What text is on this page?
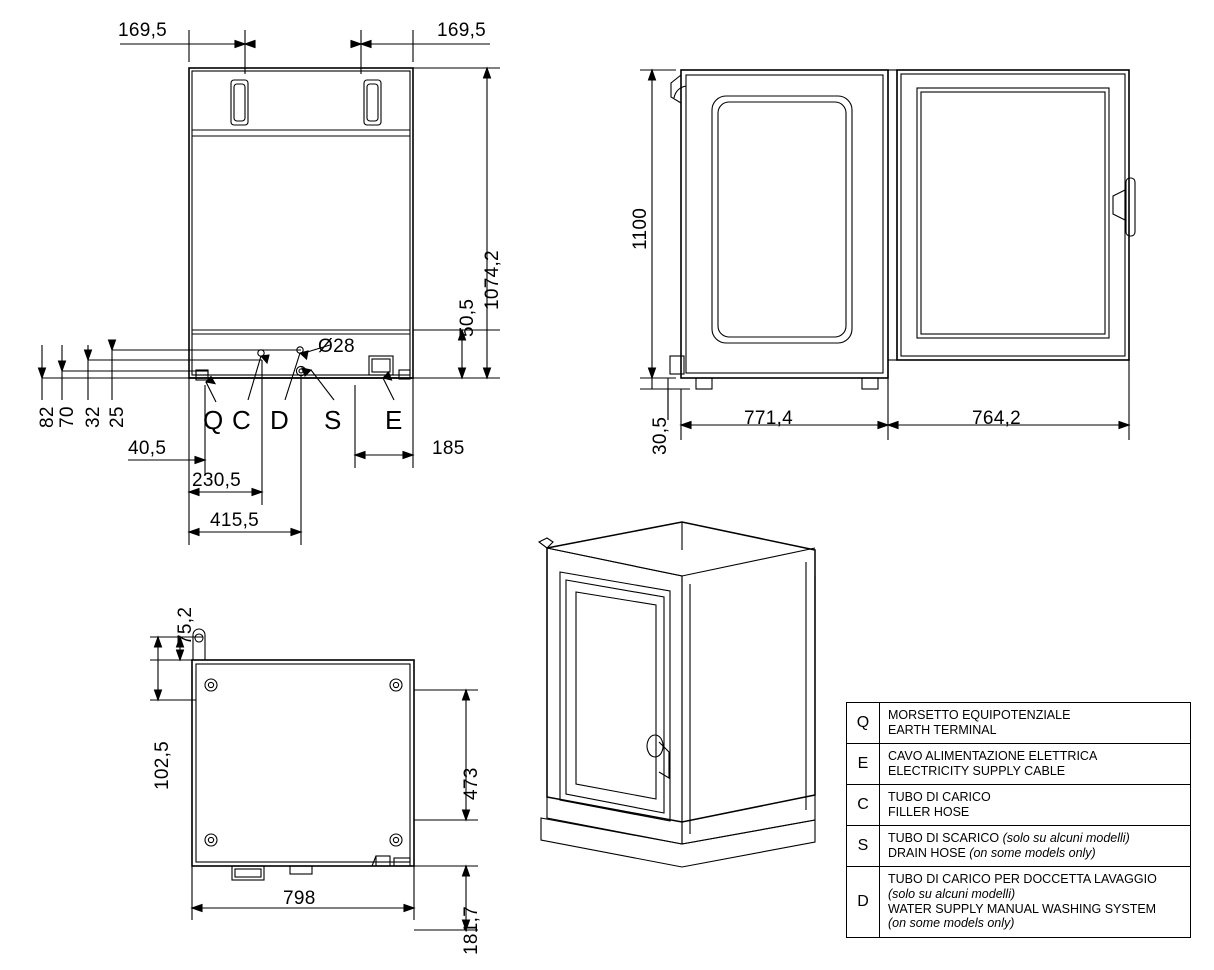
169,5	169,5
1074,2
50,5
82 70 32 25
Ø28
Q C D S E
40,5	185
230,5
415,5
1100
30,5	771,4	764,2
75,2
102,5	473
798
181,7
Q	MORSETTO EQUIPOTENZIALE
EARTH TERMINAL
E	CAVO ALIMENTAZIONE ELETTRICA
ELECTRICITY SUPPLY CABLE
C	TUBO DI CARICO
FILLER HOSE
S	TUBO DI SCARICO (solo su alcuni modelli)
DRAIN HOSE (on some models only)
D
TUBO DI CARICO PER DOCCETTA LAVAGGIO
(solo su alcuni modelli)
WATER SUPPLY MANUAL WASHING SYSTEM
(on some models only)
